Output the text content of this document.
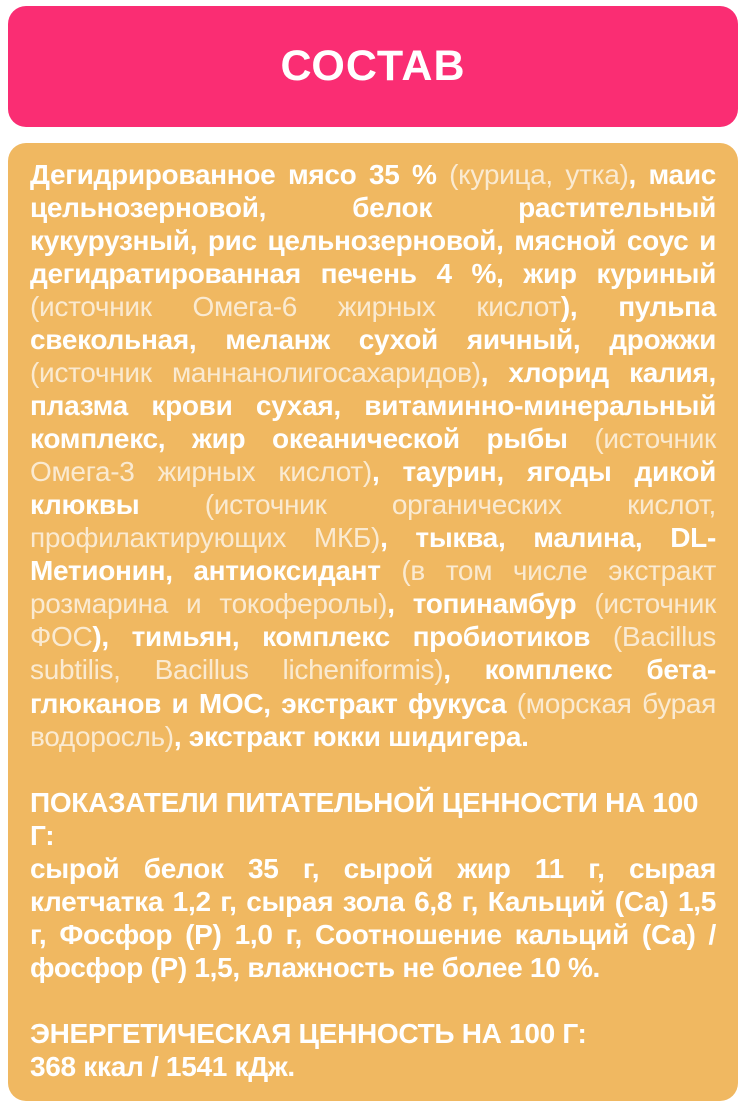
СОСТАВ

Дегидрированное мясо 35 % (курица, утка), маис цельнозерновой, белок растительный кукурузный, рис цельнозерновой, мясной соус и дегидратированная печень 4 %, жир куриный (источник Омега-6 жирных кислот), пульпа свекольная, меланж сухой яичный, дрожжи (источник маннанолигосахаридов), хлорид калия, плазма крови сухая, витаминно-минеральный комплекс, жир океанической рыбы (источник Омега-3 жирных кислот), таурин, ягоды дикой клюквы (источник органических кислот, профилактирующих МКБ), тыква, малина, DL-Метионин, антиоксидант (в том числе экстракт розмарина и токоферолы), топинамбур (источник ФОС), тимьян, комплекс пробиотиков (Bacillus subtilis, Bacillus licheniformis), комплекс бета-глюканов и МОС, экстракт фукуса (морская бурая водоросль), экстракт юкки шидигера.

ПОКАЗАТЕЛИ ПИТАТЕЛЬНОЙ ЦЕННОСТИ НА 100 Г:

сырой белок 35 г, сырой жир 11 г, сырая клетчатка 1,2 г, сырая зола 6,8 г, Кальций (Са) 1,5 г, Фосфор (Р) 1,0 г, Соотношение кальций (Са) / фосфор (Р) 1,5, влажность не более 10 %.

ЭНЕРГЕТИЧЕСКАЯ ЦЕННОСТЬ НА 100 Г:

368 ккал / 1541 кДж.
